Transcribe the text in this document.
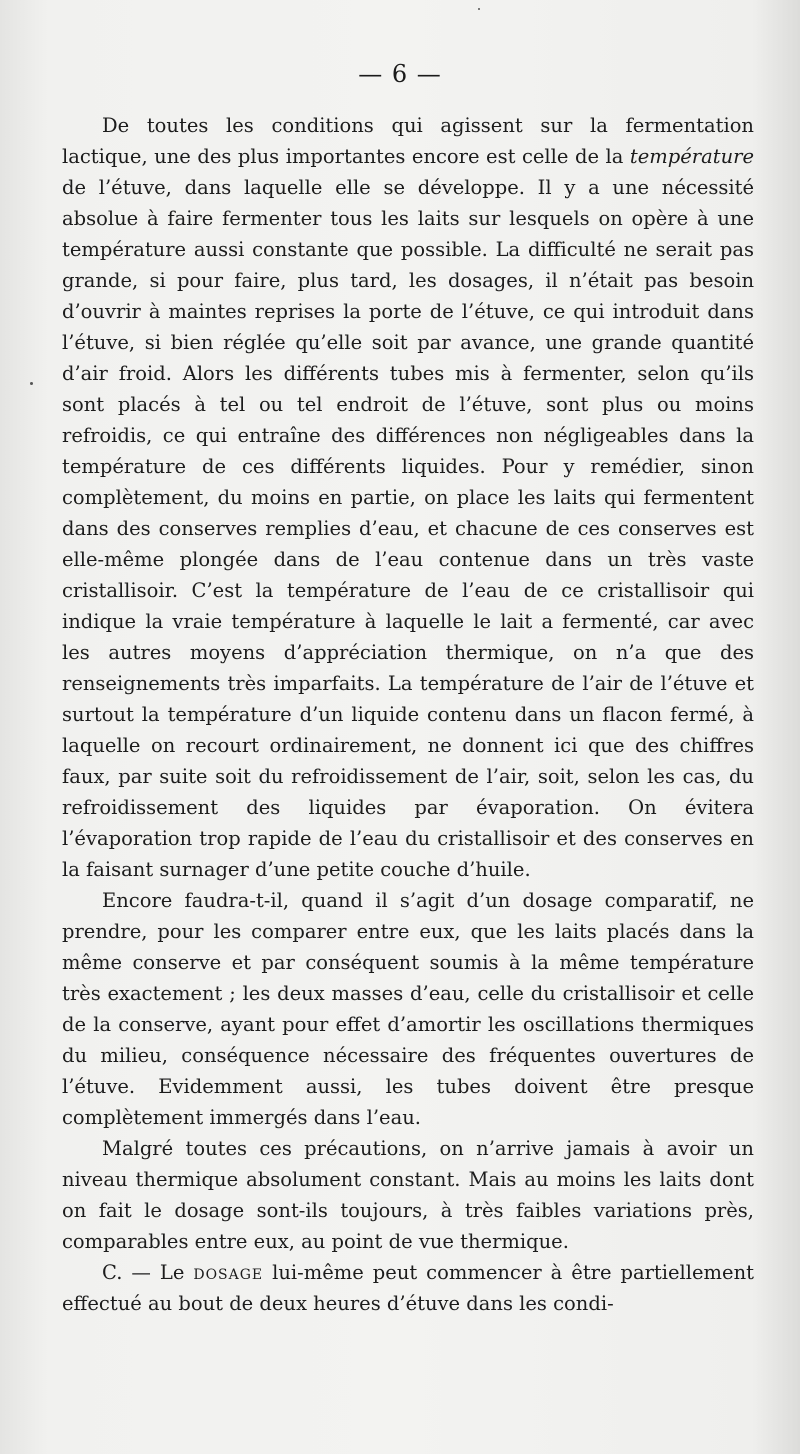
— 6 —

De toutes les conditions qui agissent sur la fermentation lactique, une des plus importantes encore est celle de la température de l’étuve, dans laquelle elle se développe. Il y a une nécessité absolue à faire fermenter tous les laits sur lesquels on opère à une température aussi constante que possible. La difficulté ne serait pas grande, si pour faire, plus tard, les dosages, il n’était pas besoin d’ouvrir à maintes reprises la porte de l’étuve, ce qui introduit dans l’étuve, si bien réglée qu’elle soit par avance, une grande quantité d’air froid. Alors les différents tubes mis à fermenter, selon qu’ils sont placés à tel ou tel endroit de l’étuve, sont plus ou moins refroidis, ce qui entraîne des différences non négligeables dans la température de ces différents liquides. Pour y remédier, sinon complètement, du moins en partie, on place les laits qui fermentent dans des conserves remplies d’eau, et chacune de ces conserves est elle-même plongée dans de l’eau contenue dans un très vaste cristallisoir. C’est la température de l’eau de ce cristallisoir qui indique la vraie température à laquelle le lait a fermenté, car avec les autres moyens d’appréciation thermique, on n’a que des renseignements très imparfaits. La température de l’air de l’étuve et surtout la température d’un liquide contenu dans un flacon fermé, à laquelle on recourt ordinairement, ne donnent ici que des chiffres faux, par suite soit du refroidissement de l’air, soit, selon les cas, du refroidissement des liquides par évaporation. On évitera l’évaporation trop rapide de l’eau du cristallisoir et des conserves en la faisant surnager d’une petite couche d’huile.

Encore faudra-t-il, quand il s’agit d’un dosage comparatif, ne prendre, pour les comparer entre eux, que les laits placés dans la même conserve et par conséquent soumis à la même température très exactement ; les deux masses d’eau, celle du cristallisoir et celle de la conserve, ayant pour effet d’amortir les oscillations thermiques du milieu, conséquence nécessaire des fréquentes ouvertures de l’étuve. Evidemment aussi, les tubes doivent être presque complètement immergés dans l’eau.

Malgré toutes ces précautions, on n’arrive jamais à avoir un niveau thermique absolument constant. Mais au moins les laits dont on fait le dosage sont-ils toujours, à très faibles variations près, comparables entre eux, au point de vue thermique.

C. — Le dosage lui-même peut commencer à être partiellement effectué au bout de deux heures d’étuve dans les condi-
